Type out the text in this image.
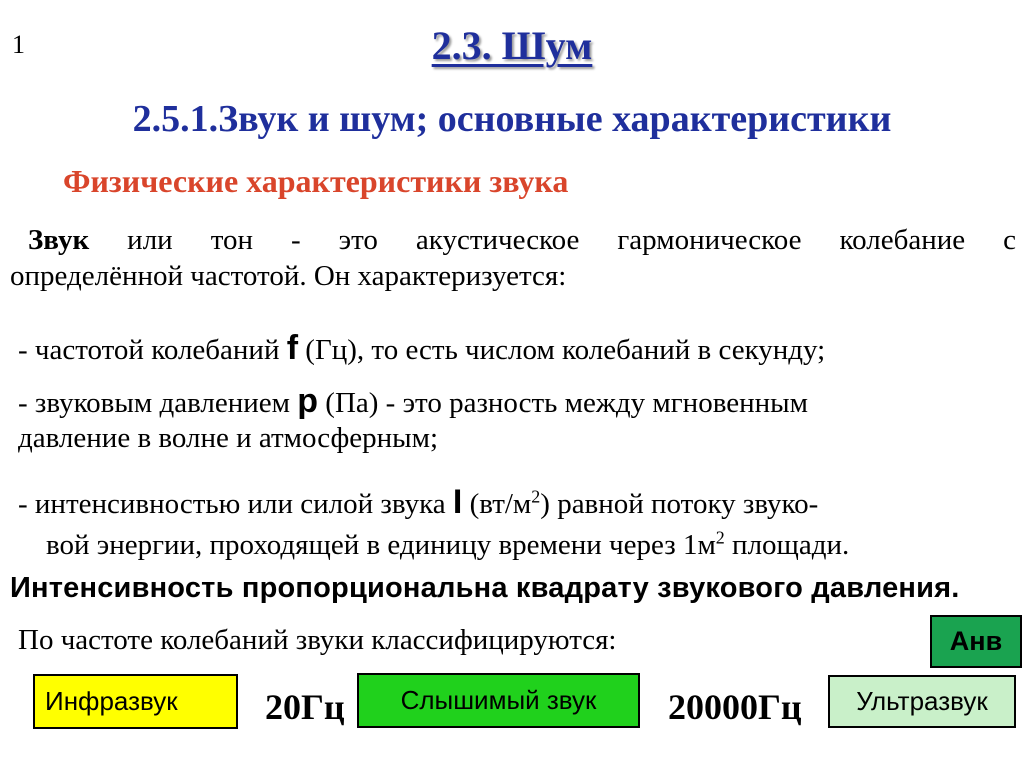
1	2.3. Шум
2.5.1.Звук и шум; основные характеристики
Физические характеристики звука
Звук или тон - это акустическое гармоническое колебание с
определённой частотой. Он характеризуется:
- частотой колебаний f (Гц), то есть числом колебаний в секунду;
- звуковым давлением p (Па) - это разность между мгновенным
давление в волне и атмосферным;
- интенсивностью или силой звука I $(вт/м^2)$ равной потоку звуко-
вой энергии, проходящей в единицу времени через $1м^2$ площади.
Интенсивность пропорциональна квадрату звукового давления.
По частоте колебаний звуки классифицируются:	Анв
Инфразвук	20Гц	Слышимый звук	20000Гц	Ультразвук
